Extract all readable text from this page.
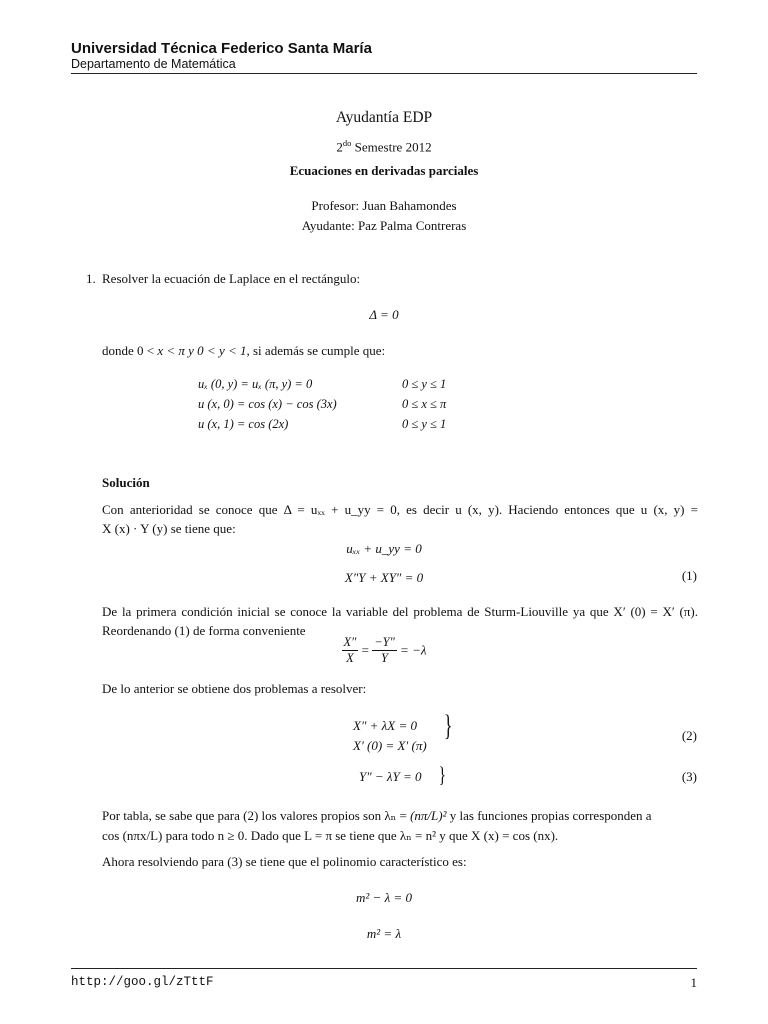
Universidad Técnica Federico Santa María
Departamento de Matemática
Ayudantía EDP
$2^{do}$ Semestre 2012
Ecuaciones en derivadas parciales
Profesor: Juan Bahamondes
Ayudante: Paz Palma Contreras
1. Resolver la ecuación de Laplace en el rectángulo:
Δ = 0
donde 0 < x < π y 0 < y < 1, si además se cumple que:
uₓ (0, y) = uₓ (π, y) = 0	0 ≤ y ≤ 1
u (x, 0) = cos (x) − cos (3x)	0 ≤ x ≤ π
u (x, 1) = cos (2x)	0 ≤ y ≤ 1
Solución
Con anterioridad se conoce que Δ = uₓₓ + u_yy = 0, es decir u (x, y). Haciendo entonces que u (x, y) =
X (x) · Y (y) se tiene que:
uₓₓ + u_yy = 0
X″Y + XY″ = 0	(1)
De la primera condición inicial se conoce la variable del problema de Sturm-Liouville ya que X′ (0) = X′ (π).
Reordenando (1) de forma conveniente
$\frac{X''}{X} = \frac{-Y''}{Y} = -\lambda$
De lo anterior se obtiene dos problemas a resolver:
X″ + λX = 0
X′ (0) = X′ (π)
}	(2)
Y″ − λY = 0 }	(3)
Por tabla, se sabe que para (2) los valores propios son λₙ = (nπ/L)² y las funciones propias corresponden a
cos (nπx/L) para todo n ≥ 0. Dado que L = π se tiene que λₙ = n² y que X (x) = cos (nx).
Ahora resolviendo para (3) se tiene que el polinomio característico es:
m² − λ = 0
m² = λ
http://goo.gl/zTttF	1
